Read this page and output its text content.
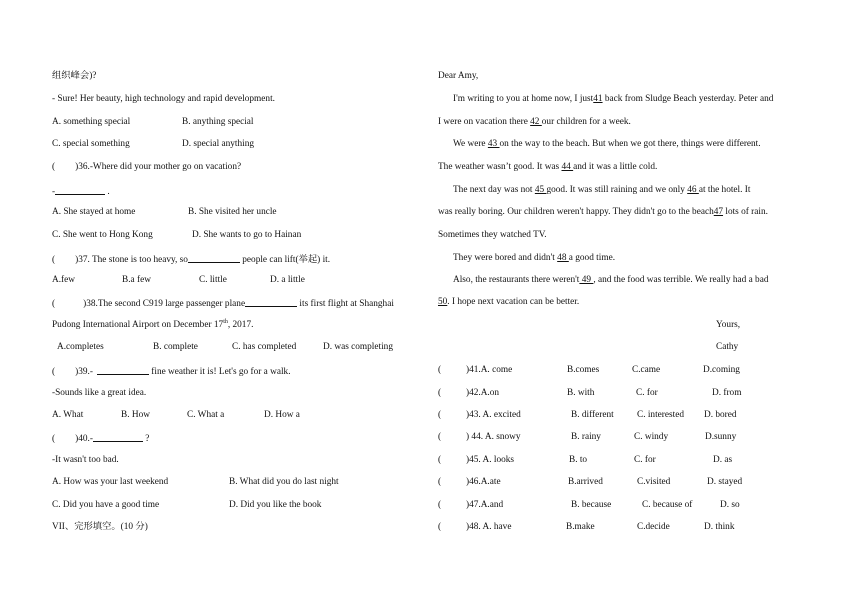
组织峰会)?
- Sure! Her beauty, high technology and rapid development.
A. something special	B. anything special
C. special something	D. special anything
( )36.-Where did your mother go on vacation?
-	.
A. She stayed at home	B. She visited her uncle
C. She went to Hong Kong	D. She wants to go to Hainan
( )37. The stone is too heavy, so	people can lift(举起) it.
A.few	B.a few	C. little	D. a little
(	)38.The second C919 large passenger plane	its first flight at Shanghai
Pudong International Airport on December 17th, 2017.
A.completes	B. complete	C. has completed	D. was completing
( )39.-	fine weather it is! Let's go for a walk.
-Sounds like a great idea.
A. What	B. How	C. What a	D. How a
( )40.-	?
-It wasn't too bad.
A. How was your last weekend	B. What did you do last night
C. Did you have a good time	D. Did you like the book
VII、完形填空。(10 分)
Dear Amy,
I'm writing to you at home now, I just41 back from Sludge Beach yesterday. Peter and
I were on vacation there 42 our children for a week.
We were 43 on the way to the beach. But when we got there, things were different.
The weather wasn’t good. It was 44 and it was a little cold.
The next day was not 45 good. It was still raining and we only 46 at the hotel. It
was really boring. Our children weren't happy. They didn't go to the beach47 lots of rain.
Sometimes they watched TV.
They were bored and didn't 48 a good time.
Also, the restaurants there weren't 49 , and the food was terrible. We really had a bad
50. I hope next vacation can be better.
Yours,
Cathy
(	)41.A. come	B.comes	C.came	D.coming
(	)42.A.on	B. with	C. for	D. from
(	)43. A. excited	B. different	C. interested D. bored
(	) 44. A. snowy	B. rainy	C. windy	D.sunny
(	)45. A. looks	B. to	C. for	D. as
(	)46.A.ate	B.arrived	C.visited	D. stayed
(	)47.A.and	B. because	C. because of	D. so
(	)48. A. have	B.make	C.decide	D. think
